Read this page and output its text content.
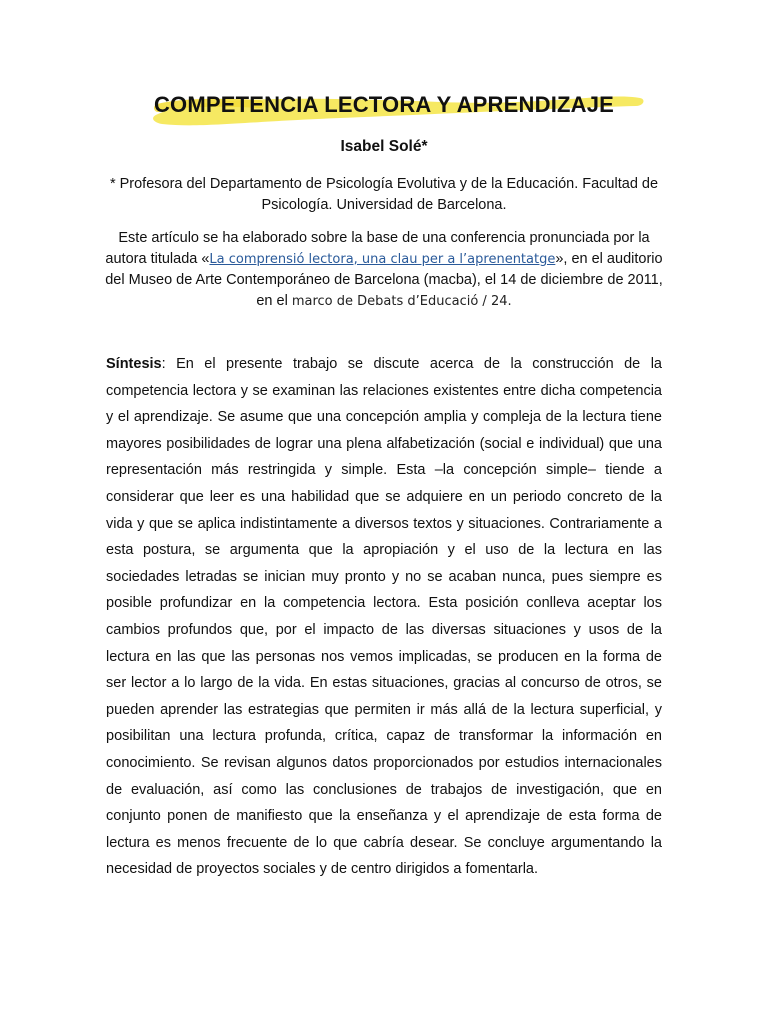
COMPETENCIA LECTORA Y APRENDIZAJE
Isabel Solé*
* Profesora del Departamento de Psicología Evolutiva y de la Educación. Facultad de Psicología. Universidad de Barcelona.
Este artículo se ha elaborado sobre la base de una conferencia pronunciada por la autora titulada «La comprensió lectora, una clau per a l’aprenentatge», en el auditorio del Museo de Arte Contemporáneo de Barcelona (macba), el 14 de diciembre de 2011, en el marco de Debats d’Educació / 24.
Síntesis: En el presente trabajo se discute acerca de la construcción de la competencia lectora y se examinan las relaciones existentes entre dicha competencia y el aprendizaje. Se asume que una concepción amplia y compleja de la lectura tiene mayores posibilidades de lograr una plena alfabetización (social e individual) que una representación más restringida y simple. Esta –la concepción simple– tiende a considerar que leer es una habilidad que se adquiere en un periodo concreto de la vida y que se aplica indistintamente a diversos textos y situaciones. Contrariamente a esta postura, se argumenta que la apropiación y el uso de la lectura en las sociedades letradas se inician muy pronto y no se acaban nunca, pues siempre es posible profundizar en la competencia lectora. Esta posición conlleva aceptar los cambios profundos que, por el impacto de las diversas situaciones y usos de la lectura en las que las personas nos vemos implicadas, se producen en la forma de ser lector a lo largo de la vida. En estas situaciones, gracias al concurso de otros, se pueden aprender las estrategias que permiten ir más allá de la lectura superficial, y posibilitan una lectura profunda, crítica, capaz de transformar la información en conocimiento. Se revisan algunos datos proporcionados por estudios internacionales de evaluación, así como las conclusiones de trabajos de investigación, que en conjunto ponen de manifiesto que la enseñanza y el aprendizaje de esta forma de lectura es menos frecuente de lo que cabría desear. Se concluye argumentando la necesidad de proyectos sociales y de centro dirigidos a fomentarla.
